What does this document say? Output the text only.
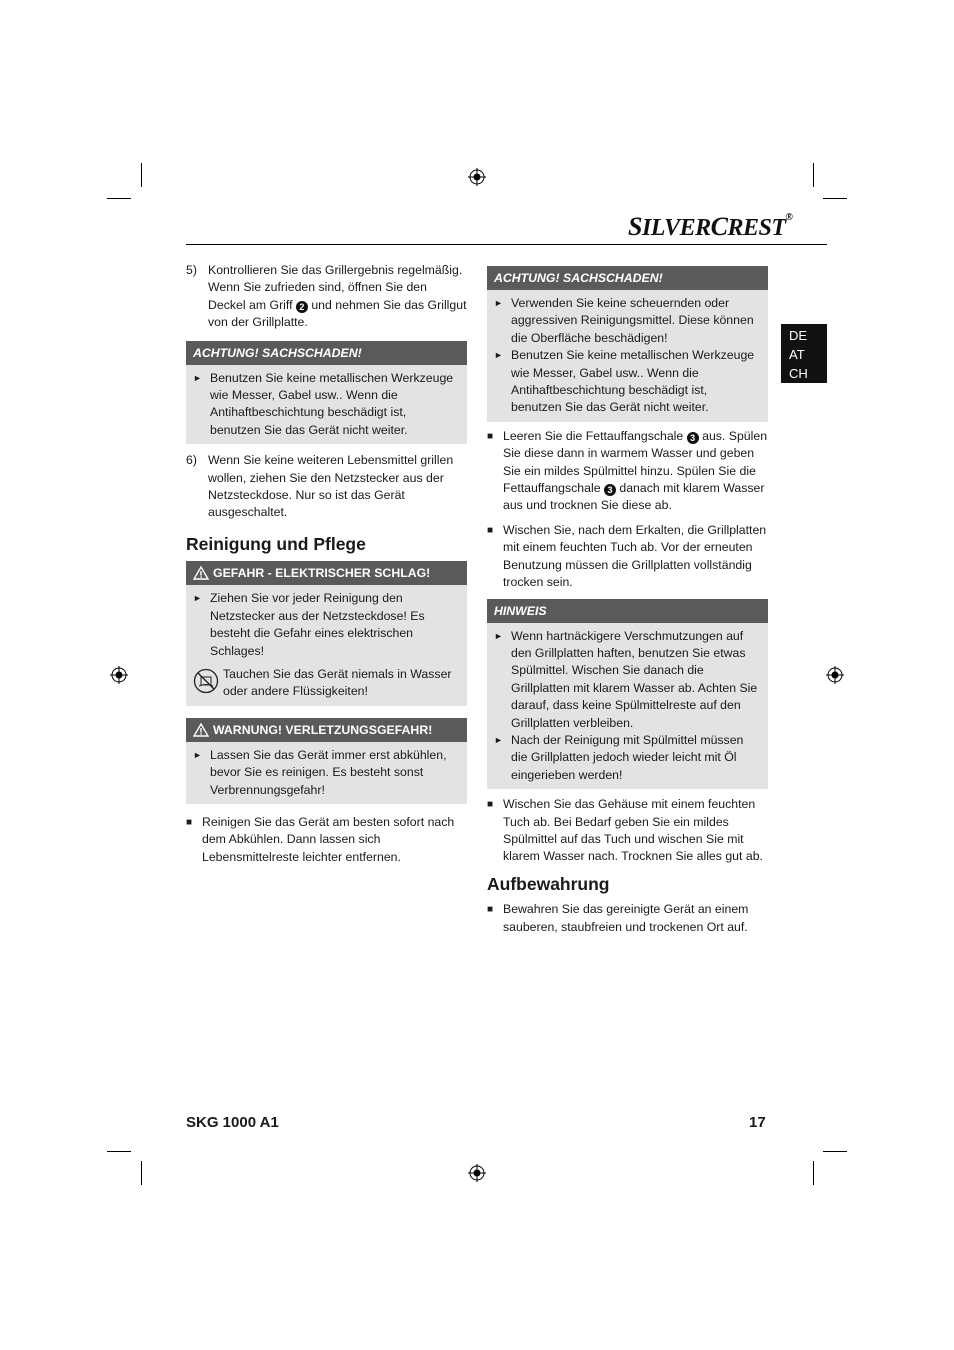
SILVERCREST®
DE
AT
CH
5) Kontrollieren Sie das Grillergebnis regelmäßig. Wenn Sie zufrieden sind, öffnen Sie den Deckel am Griff 2 und nehmen Sie das Grillgut von der Grillplatte.
ACHTUNG! SACHSCHADEN!
► Benutzen Sie keine metallischen Werkzeuge wie Messer, Gabel usw.. Wenn die Antihaftbeschichtung beschädigt ist, benutzen Sie das Gerät nicht weiter.
6) Wenn Sie keine weiteren Lebensmittel grillen wollen, ziehen Sie den Netzstecker aus der Netzsteckdose. Nur so ist das Gerät ausgeschaltet.
Reinigung und Pflege
GEFAHR - ELEKTRISCHER SCHLAG!
► Ziehen Sie vor jeder Reinigung den Netzstecker aus der Netzsteckdose! Es besteht die Gefahr eines elektrischen Schlages!
Tauchen Sie das Gerät niemals in Wasser oder andere Flüssigkeiten!
WARNUNG! VERLETZUNGSGEFAHR!
► Lassen Sie das Gerät immer erst abkühlen, bevor Sie es reinigen. Es besteht sonst Verbrennungsgefahr!
■ Reinigen Sie das Gerät am besten sofort nach dem Abkühlen. Dann lassen sich Lebensmittelreste leichter entfernen.
ACHTUNG! SACHSCHADEN!
► Verwenden Sie keine scheuernden oder aggressiven Reinigungsmittel. Diese können die Oberfläche beschädigen!
► Benutzen Sie keine metallischen Werkzeuge wie Messer, Gabel usw.. Wenn die Antihaftbeschichtung beschädigt ist, benutzen Sie das Gerät nicht weiter.
■ Leeren Sie die Fettauffangschale 3 aus. Spülen Sie diese dann in warmem Wasser und geben Sie ein mildes Spülmittel hinzu. Spülen Sie die Fettauffangschale 3 danach mit klarem Wasser aus und trocknen Sie diese ab.
■ Wischen Sie, nach dem Erkalten, die Grillplatten mit einem feuchten Tuch ab. Vor der erneuten Benutzung müssen die Grillplatten vollständig trocken sein.
HINWEIS
► Wenn hartnäckigere Verschmutzungen auf den Grillplatten haften, benutzen Sie etwas Spülmittel. Wischen Sie danach die Grillplatten mit klarem Wasser ab. Achten Sie darauf, dass keine Spülmittelreste auf den Grillplatten verbleiben.
► Nach der Reinigung mit Spülmittel müssen die Grillplatten jedoch wieder leicht mit Öl eingerieben werden!
■ Wischen Sie das Gehäuse mit einem feuchten Tuch ab. Bei Bedarf geben Sie ein mildes Spülmittel auf das Tuch und wischen Sie mit klarem Wasser nach. Trocknen Sie alles gut ab.
Aufbewahrung
■ Bewahren Sie das gereinigte Gerät an einem sauberen, staubfreien und trockenen Ort auf.
SKG 1000 A1	17
